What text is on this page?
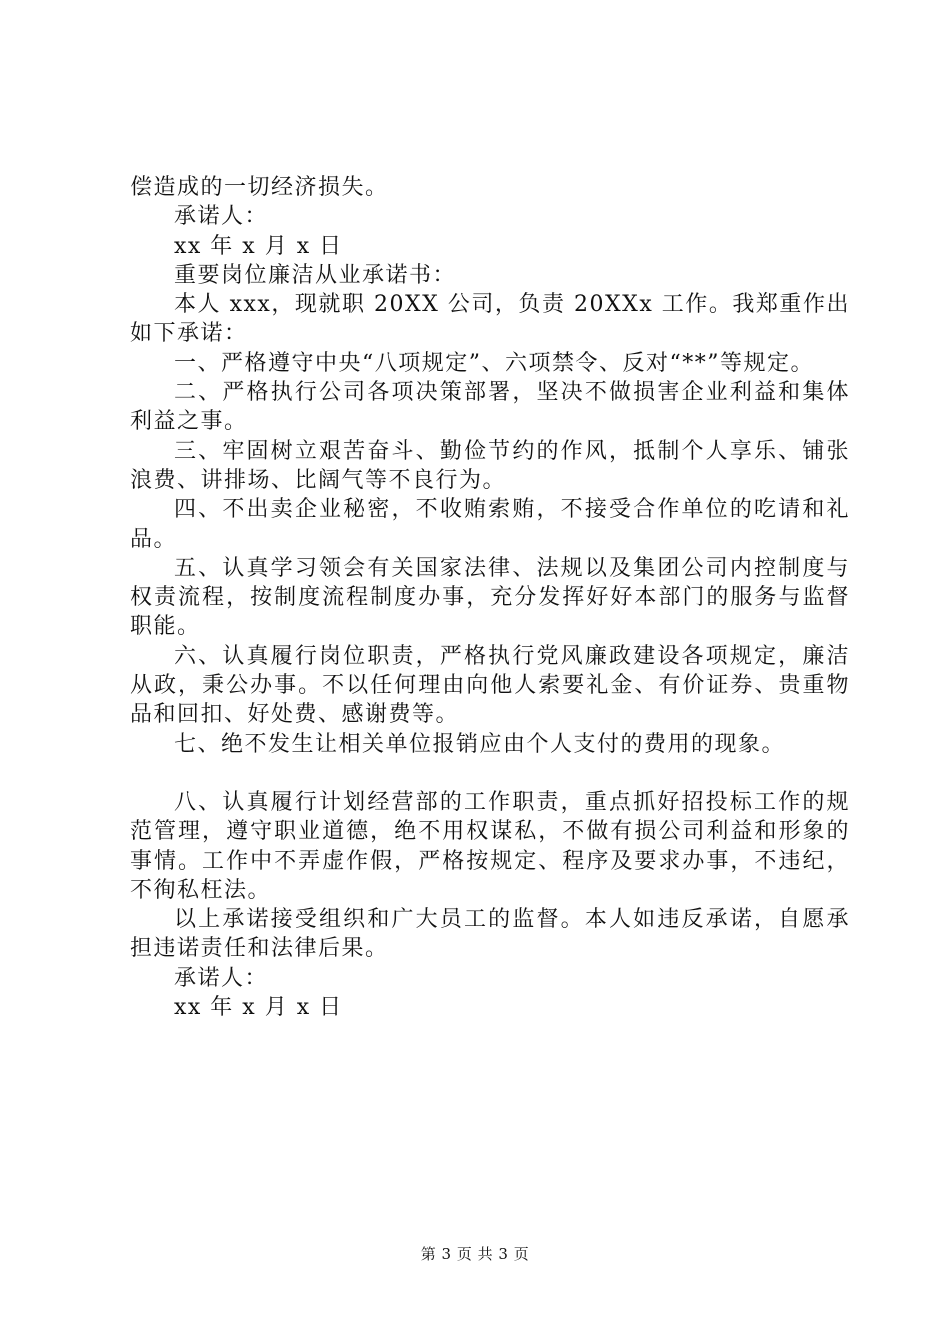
偿造成的一切经济损失。

承诺人：

xx 年 x 月 x 日

重要岗位廉洁从业承诺书：

本人 xxx，现就职 20XX 公司，负责 20XXx 工作。我郑重作出如下承诺：

一、严格遵守中央“八项规定”、六项禁令、反对“**”等规定。

二、严格执行公司各项决策部署，坚决不做损害企业利益和集体利益之事。

三、牢固树立艰苦奋斗、勤俭节约的作风，抵制个人享乐、铺张浪费、讲排场、比阔气等不良行为。

四、不出卖企业秘密，不收贿索贿，不接受合作单位的吃请和礼品。

五、认真学习领会有关国家法律、法规以及集团公司内控制度与权责流程，按制度流程制度办事，充分发挥好好本部门的服务与监督职能。

六、认真履行岗位职责，严格执行党风廉政建设各项规定，廉洁从政，秉公办事。不以任何理由向他人索要礼金、有价证券、贵重物品和回扣、好处费、感谢费等。

七、绝不发生让相关单位报销应由个人支付的费用的现象。

八、认真履行计划经营部的工作职责，重点抓好招投标工作的规范管理，遵守职业道德，绝不用权谋私，不做有损公司利益和形象的事情。工作中不弄虚作假，严格按规定、程序及要求办事，不违纪，不徇私枉法。

以上承诺接受组织和广大员工的监督。本人如违反承诺，自愿承担违诺责任和法律后果。

承诺人：

xx 年 x 月 x 日

第 3 页 共 3 页
